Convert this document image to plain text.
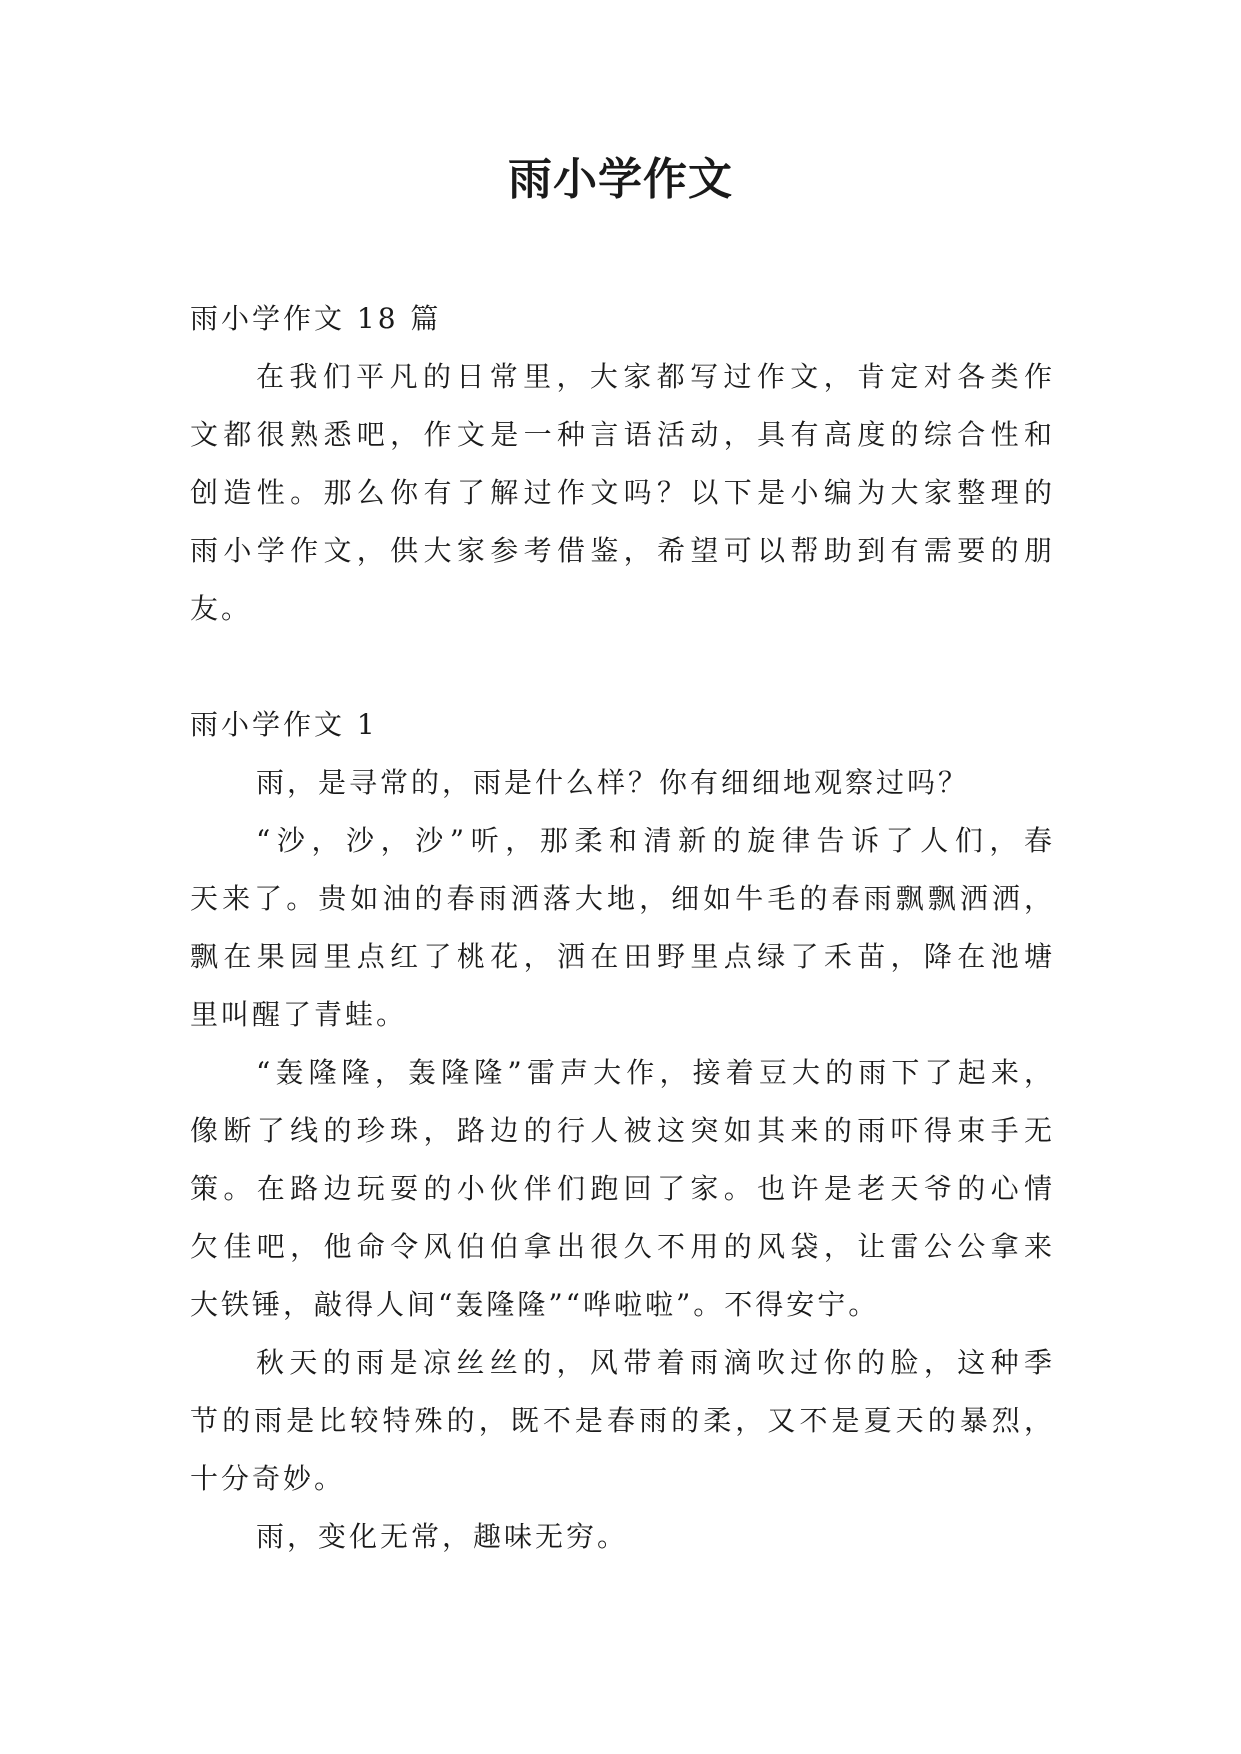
雨小学作文

雨小学作文 18 篇

在我们平凡的日常里，大家都写过作文，肯定对各类作

文都很熟悉吧，作文是一种言语活动，具有高度的综合性和

创造性。那么你有了解过作文吗？以下是小编为大家整理的

雨小学作文，供大家参考借鉴，希望可以帮助到有需要的朋

友。

雨小学作文 1

雨，是寻常的，雨是什么样？你有细细地观察过吗？

“沙，沙，沙”听，那柔和清新的旋律告诉了人们，春

天来了。贵如油的春雨洒落大地，细如牛毛的春雨飘飘洒洒，

飘在果园里点红了桃花，洒在田野里点绿了禾苗，降在池塘

里叫醒了青蛙。

“轰隆隆，轰隆隆”雷声大作，接着豆大的雨下了起来，

像断了线的珍珠，路边的行人被这突如其来的雨吓得束手无

策。在路边玩耍的小伙伴们跑回了家。也许是老天爷的心情

欠佳吧，他命令风伯伯拿出很久不用的风袋，让雷公公拿来

大铁锤，敲得人间“轰隆隆”“哗啦啦”。不得安宁。

秋天的雨是凉丝丝的，风带着雨滴吹过你的脸，这种季

节的雨是比较特殊的，既不是春雨的柔，又不是夏天的暴烈，

十分奇妙。

雨，变化无常，趣味无穷。
